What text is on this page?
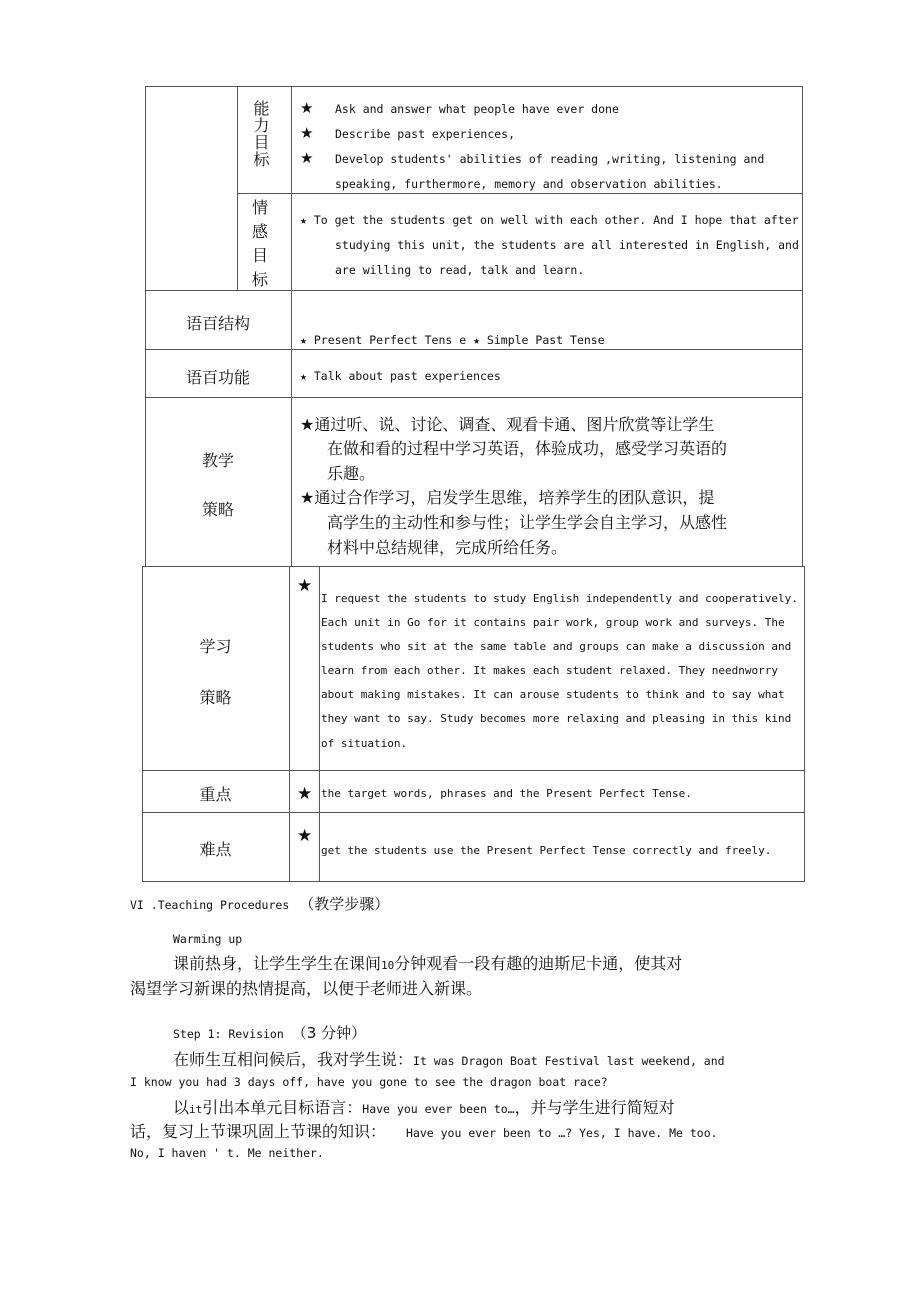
能力目标 ★
★
★
Ask and answer what people have ever done
Describe past experiences,
Develop students' abilities of reading ,writing, listening and
speaking, furthermore, memory and observation abilities.
情
感
目
标
★ To get the students get on well with each other. And I hope that after
studying this unit, the students are all interested in English, and
are willing to read, talk and learn.
语百结构
★ Present Perfect Tens e ★ Simple Past Tense
语百功能	★ Talk about past experiences
教学
策略
★通过听、说、讨论、调查、观看卡通、图片欣赏等让学生
在做和看的过程中学习英语，体验成功，感受学习英语的
乐趣。
★通过合作学习，启发学生思维，培养学生的团队意识，提
高学生的主动性和参与性；让学生学会自主学习，从感性
材料中总结规律，完成所给任务。
学习
策略
★
I request the students to study English independently and cooperatively.
Each unit in Go for it contains pair work, group work and surveys. The
students who sit at the same table and groups can make a discussion and
learn from each other. It makes each student relaxed. They neednworry
about making mistakes. It can arouse students to think and to say what
they want to say. Study becomes more relaxing and pleasing in this kind
of situation.
重点	★ the target words, phrases and the Present Perfect Tense.
难点
★
get the students use the Present Perfect Tense correctly and freely.
VI .Teaching Procedures （教学步骤）
Warming up
课前热身，让学生学生在课间10分钟观看一段有趣的迪斯尼卡通，使其对
渴望学习新课的热情提高，以便于老师进入新课。
Step 1: Revision （3 分钟）
在师生互相问候后，我对学生说：It was Dragon Boat Festival last weekend, and
I know you had 3 days off, have you gone to see the dragon boat race?
以it引出本单元目标语言：Have you ever been to…，并与学生进行简短对
话，复习上节课巩固上节课的知识： Have you ever been to …? Yes, I have. Me too.
No, I haven ' t. Me neither.
